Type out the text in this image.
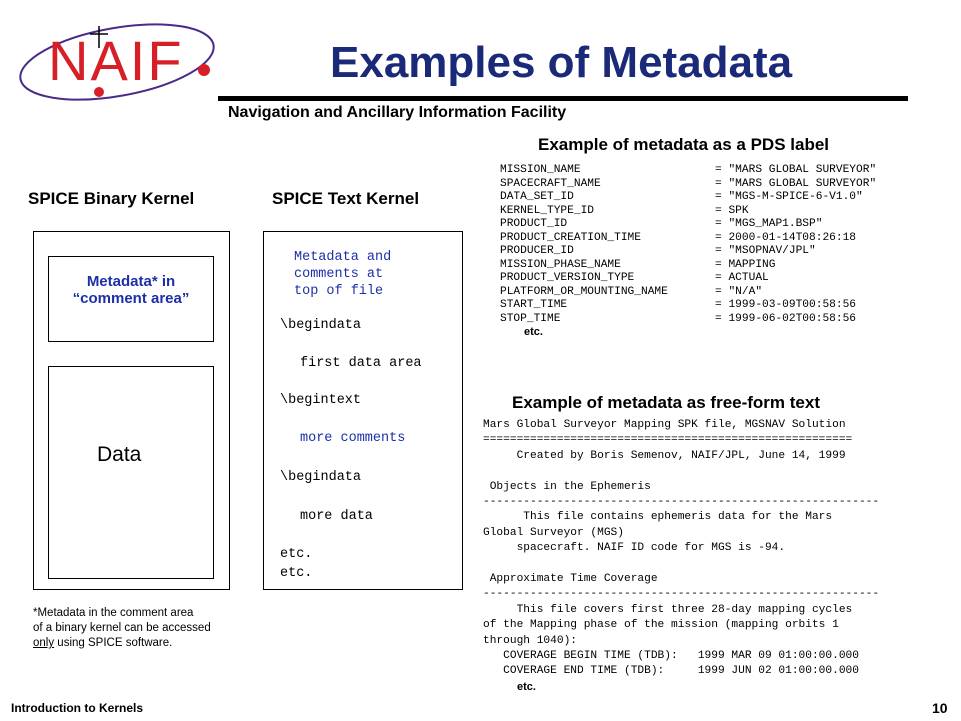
NAIF	Examples of Metadata
Navigation and Ancillary Information Facility
SPICE Binary Kernel	SPICE Text Kernel
Example of metadata as a PDS label
Example of metadata as free-form text
Metadata* in
“comment area”
Data
Metadata and
comments at
top of file
\begindata
first data area
\begintext
more comments
\begindata
more data
etc.
etc.
*Metadata in the comment area
of a binary kernel can be accessed
only using SPICE software.
MISSION_NAME	= "MARS GLOBAL SURVEYOR"
SPACECRAFT_NAME	= "MARS GLOBAL SURVEYOR"
DATA_SET_ID	= "MGS-M-SPICE-6-V1.0"
KERNEL_TYPE_ID	= SPK
PRODUCT_ID	= "MGS_MAP1.BSP"
PRODUCT_CREATION_TIME	= 2000-01-14T08:26:18
PRODUCER_ID	= "MSOPNAV/JPL"
MISSION_PHASE_NAME	= MAPPING
PRODUCT_VERSION_TYPE	= ACTUAL
PLATFORM_OR_MOUNTING_NAME	= "N/A"
START_TIME	= 1999-03-09T00:58:56
STOP_TIME	= 1999-06-02T00:58:56
etc.
Mars Global Surveyor Mapping SPK file, MGSNAV Solution
=======================================================
Created by Boris Semenov, NAIF/JPL, June 14, 1999
Objects in the Ephemeris
-----------------------------------------------------------
This file contains ephemeris data for the Mars
Global Surveyor (MGS)
spacecraft. NAIF ID code for MGS is -94.
Approximate Time Coverage
-----------------------------------------------------------
This file covers first three 28-day mapping cycles
of the Mapping phase of the mission (mapping orbits 1
through 1040):
COVERAGE BEGIN TIME (TDB):   1999 MAR 09 01:00:00.000
COVERAGE END TIME (TDB):     1999 JUN 02 01:00:00.000
etc.
Introduction to Kernels	10
